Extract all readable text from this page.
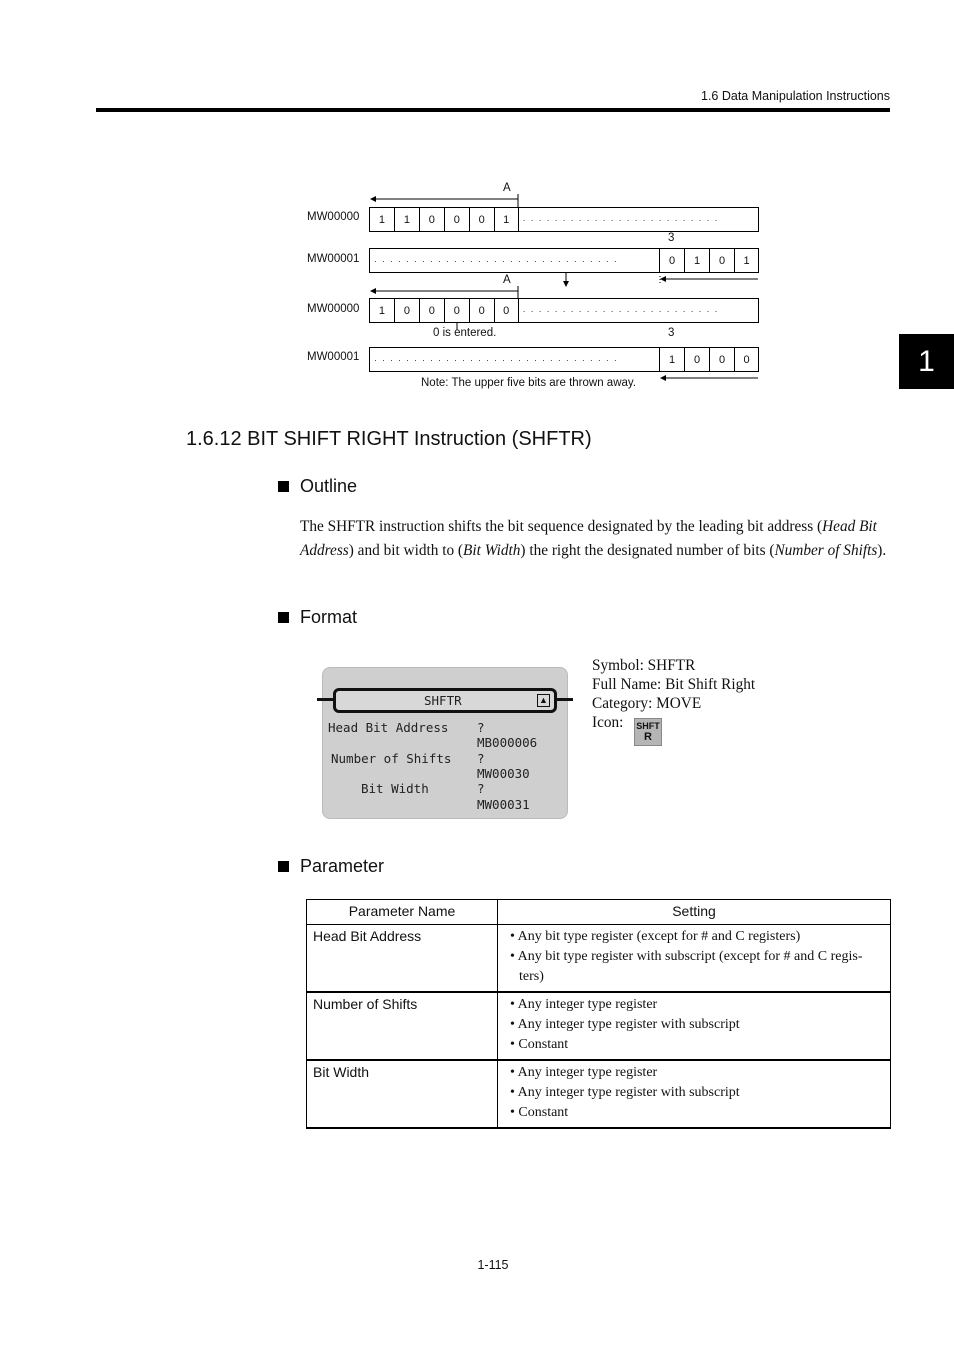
1.6 Data Manipulation Instructions
1
A
MW00000	1	1	0	0	0	1	·························
3
MW00001	·······························	0	1	0	1
A
MW00000	1	0	0	0	0	0	·························
0 is entered.	3
MW00001	·······························	1	0	0	0
Note: The upper five bits are thrown away.
1.6.12 BIT SHIFT RIGHT Instruction (SHFTR)
Outline
The SHFTR instruction shifts the bit sequence designated by the leading bit address (Head Bit Address) and bit width to (Bit Width) the right the designated number of bits (Number of Shifts).
Format
SHFTR	▲
Head Bit Address ?
MB000006
Number of Shifts ?
MW00030
Bit Width	?
MW00031
Symbol: SHFTR
Full Name: Bit Shift Right
Category: MOVE
Icon:	SHFT
R
Parameter
Parameter Name	Setting
Head Bit Address	• Any bit type register (except for # and C registers)
• Any bit type register with subscript (except for # and C regis- ters)

Number of Shifts	• Any integer type register
• Any integer type register with subscript
• Constant

Bit Width	• Any integer type register
• Any integer type register with subscript
• Constant
1-115
